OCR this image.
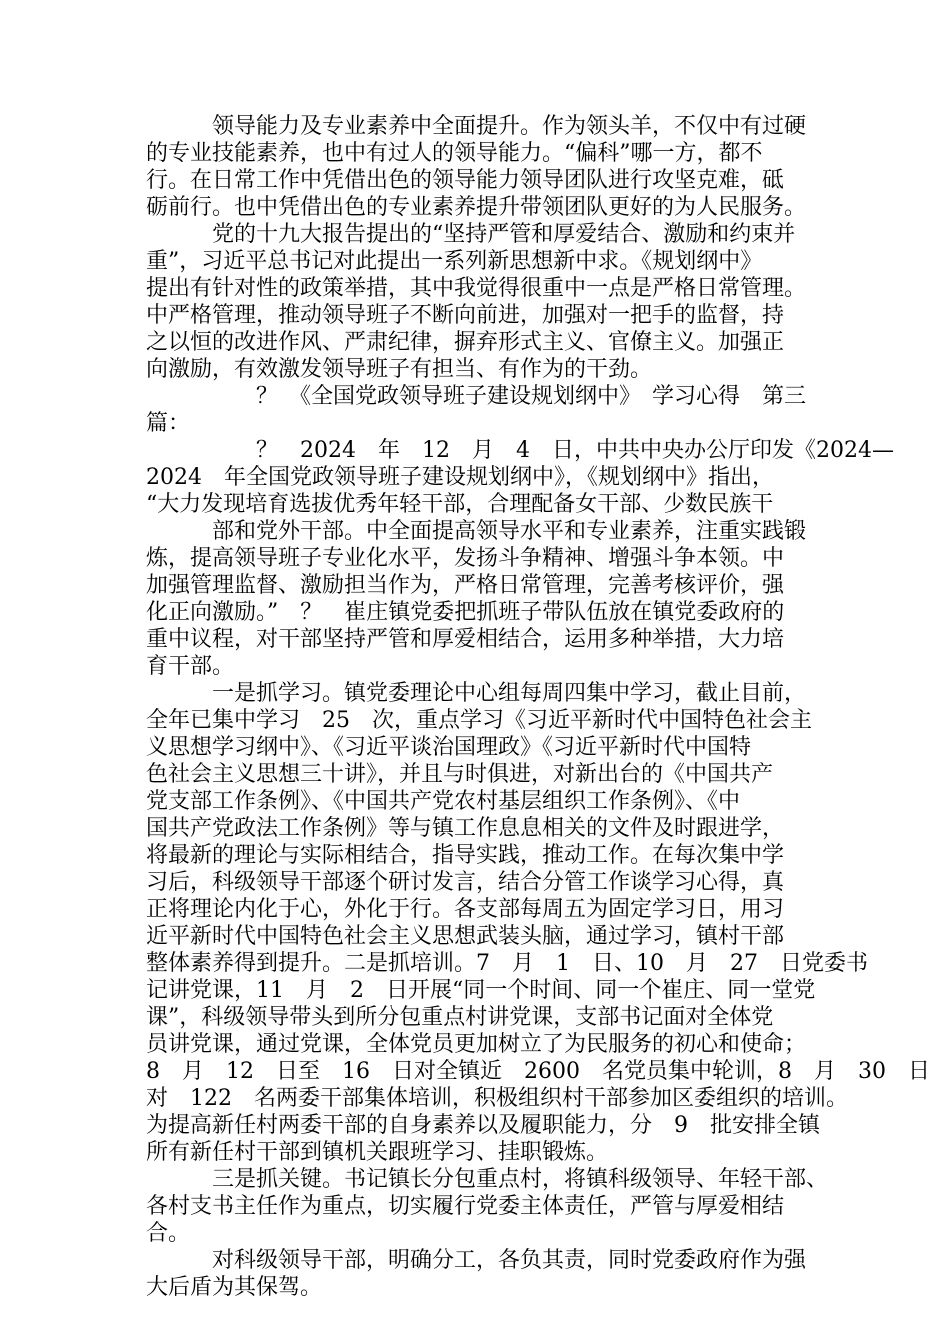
　　　领导能力及专业素养中全面提升。作为领头羊，不仅中有过硬
的专业技能素养，也中有过人的领导能力。“偏科”哪一方，都不
行。在日常工作中凭借出色的领导能力领导团队进行攻坚克难，砥
砺前行。也中凭借出色的专业素养提升带领团队更好的为人民服务。
　　　党的十九大报告提出的“坚持严管和厚爱结合、激励和约束并
重”，习近平总书记对此提出一系列新思想新中求。《规划纲中》
提出有针对性的政策举措，其中我觉得很重中一点是严格日常管理。
中严格管理，推动领导班子不断向前进，加强对一把手的监督，持
之以恒的改进作风、严肃纪律，摒弃形式主义、官僚主义。加强正
向激励，有效激发领导班子有担当、有作为的干劲。
　　　　　？　《全国党政领导班子建设规划纲中》　学习心得　第三
篇：
　　　　　？　2024　年　12　月　4　日，中共中央办公厅印发《2024—
2024　年全国党政领导班子建设规划纲中》，《规划纲中》指出，
“大力发现培育选拔优秀年轻干部，合理配备女干部、少数民族干
　　　部和党外干部。中全面提高领导水平和专业素养，注重实践锻
炼，提高领导班子专业化水平，发扬斗争精神、增强斗争本领。中
加强管理监督、激励担当作为，严格日常管理，完善考核评价，强
化正向激励。”　？　崔庄镇党委把抓班子带队伍放在镇党委政府的
重中议程，对干部坚持严管和厚爱相结合，运用多种举措，大力培
育干部。
　　　一是抓学习。镇党委理论中心组每周四集中学习，截止目前，
全年已集中学习　25　次，重点学习《习近平新时代中国特色社会主
义思想学习纲中》、《习近平谈治国理政》《习近平新时代中国特
色社会主义思想三十讲》，并且与时俱进，对新出台的《中国共产
党支部工作条例》、《中国共产党农村基层组织工作条例》、《中
国共产党政法工作条例》等与镇工作息息相关的文件及时跟进学，
将最新的理论与实际相结合，指导实践，推动工作。在每次集中学
习后，科级领导干部逐个研讨发言，结合分管工作谈学习心得，真
正将理论内化于心，外化于行。各支部每周五为固定学习日，用习
近平新时代中国特色社会主义思想武装头脑，通过学习，镇村干部
整体素养得到提升。二是抓培训。7　月　1　日、10　月　27　日党委书
记讲党课，11　月　2　日开展“同一个时间、同一个崔庄、同一堂党
课”，科级领导带头到所分包重点村讲党课，支部书记面对全体党
员讲党课，通过党课，全体党员更加树立了为民服务的初心和使命；
8　月　12　日至　16　日对全镇近　2600　名党员集中轮训，8　月　30　日
对　122　名两委干部集体培训，积极组织村干部参加区委组织的培训。
为提高新任村两委干部的自身素养以及履职能力，分　9　批安排全镇
所有新任村干部到镇机关跟班学习、挂职锻炼。
　　　三是抓关键。书记镇长分包重点村，将镇科级领导、年轻干部、
各村支书主任作为重点，切实履行党委主体责任，严管与厚爱相结
合。
　　　对科级领导干部，明确分工，各负其责，同时党委政府作为强
大后盾为其保驾。
